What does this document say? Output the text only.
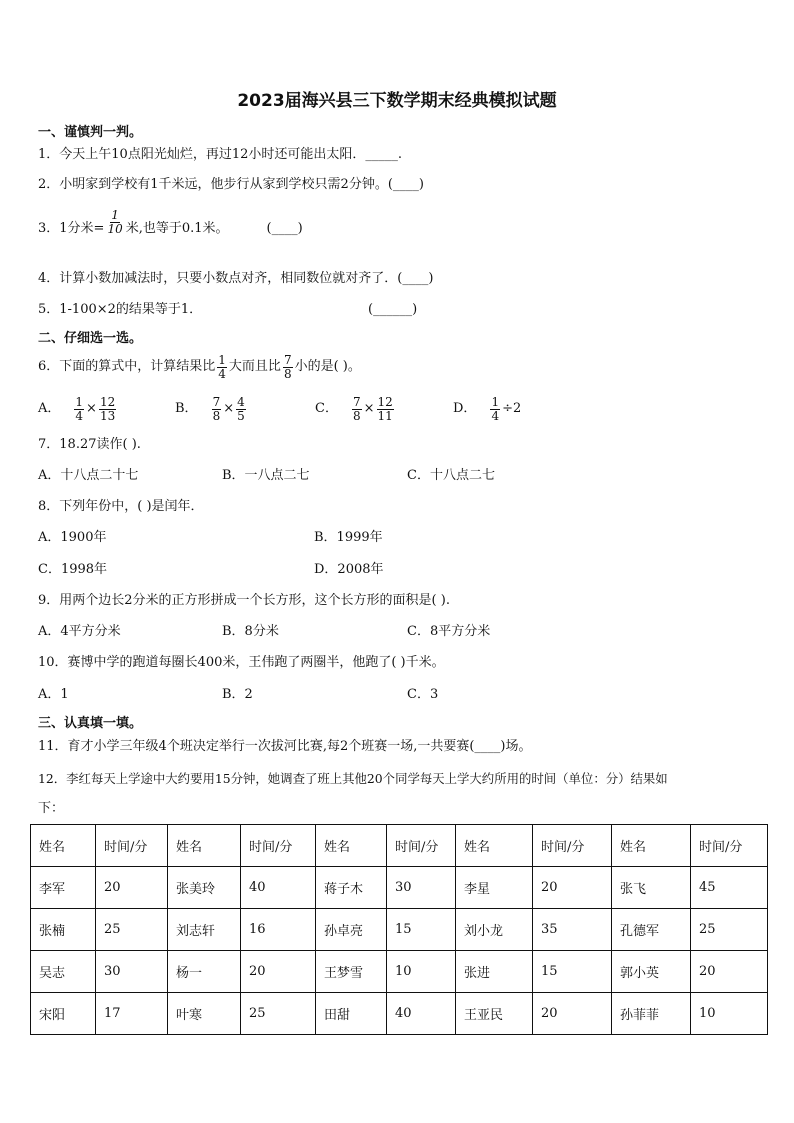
2023届海兴县三下数学期末经典模拟试题
一、谨慎判一判。
1．今天上午10点阳光灿烂，再过12小时还可能出太阳．_____.
2．小明家到学校有1千米远，他步行从家到学校只需2分钟。(____)
3．1分米= $\frac{1}{10}$ 米,也等于0.1米。	(____)
4．计算小数加减法时，只要小数点对齐，相同数位就对齐了．(____)
5．1-100×2的结果等于1．	(______)
二、仔细选一选。
6．下面的算式中，计算结果比 $\frac{1}{4}$ 大而且比 $\frac{7}{8}$ 小的是( )。
A． $\frac{1}{4} \times \frac{12}{13}$	B． $\frac{7}{8} \times \frac{4}{5}$	C． $\frac{7}{8} \times \frac{12}{11}$	D． $\frac{1}{4} \div 2$
7．18.27读作( ).
A．十八点二十七	B．一八点二七	C．十八点二七
8．下列年份中，( )是闰年．
A．1900年	B．1999年
C．1998年	D．2008年
9．用两个边长2分米的正方形拼成一个长方形，这个长方形的面积是( ).
A．4平方分米	B．8分米	C．8平方分米
10．赛博中学的跑道每圈长400米，王伟跑了两圈半，他跑了( )千米。
A．1	B．2	C．3
三、认真填一填。
11．育才小学三年级4个班决定举行一次拔河比赛,每2个班赛一场,一共要赛(____)场。
12．李红每天上学途中大约要用15分钟，她调查了班上其他20个同学每天上学大约所用的时间（单位：分）结果如
下：
姓名	时间/分	姓名	时间/分	姓名	时间/分	姓名	时间/分	姓名	时间/分
李军	20	张美玲	40	蒋子木	30	李星	20	张飞	45
张楠	25	刘志轩	16	孙卓亮	15	刘小龙	35	孔德军	25
吴志	30	杨一	20	王梦雪	10	张进	15	郭小英	20
宋阳	17	叶寒	25	田甜	40	王亚民	20	孙菲菲	10
